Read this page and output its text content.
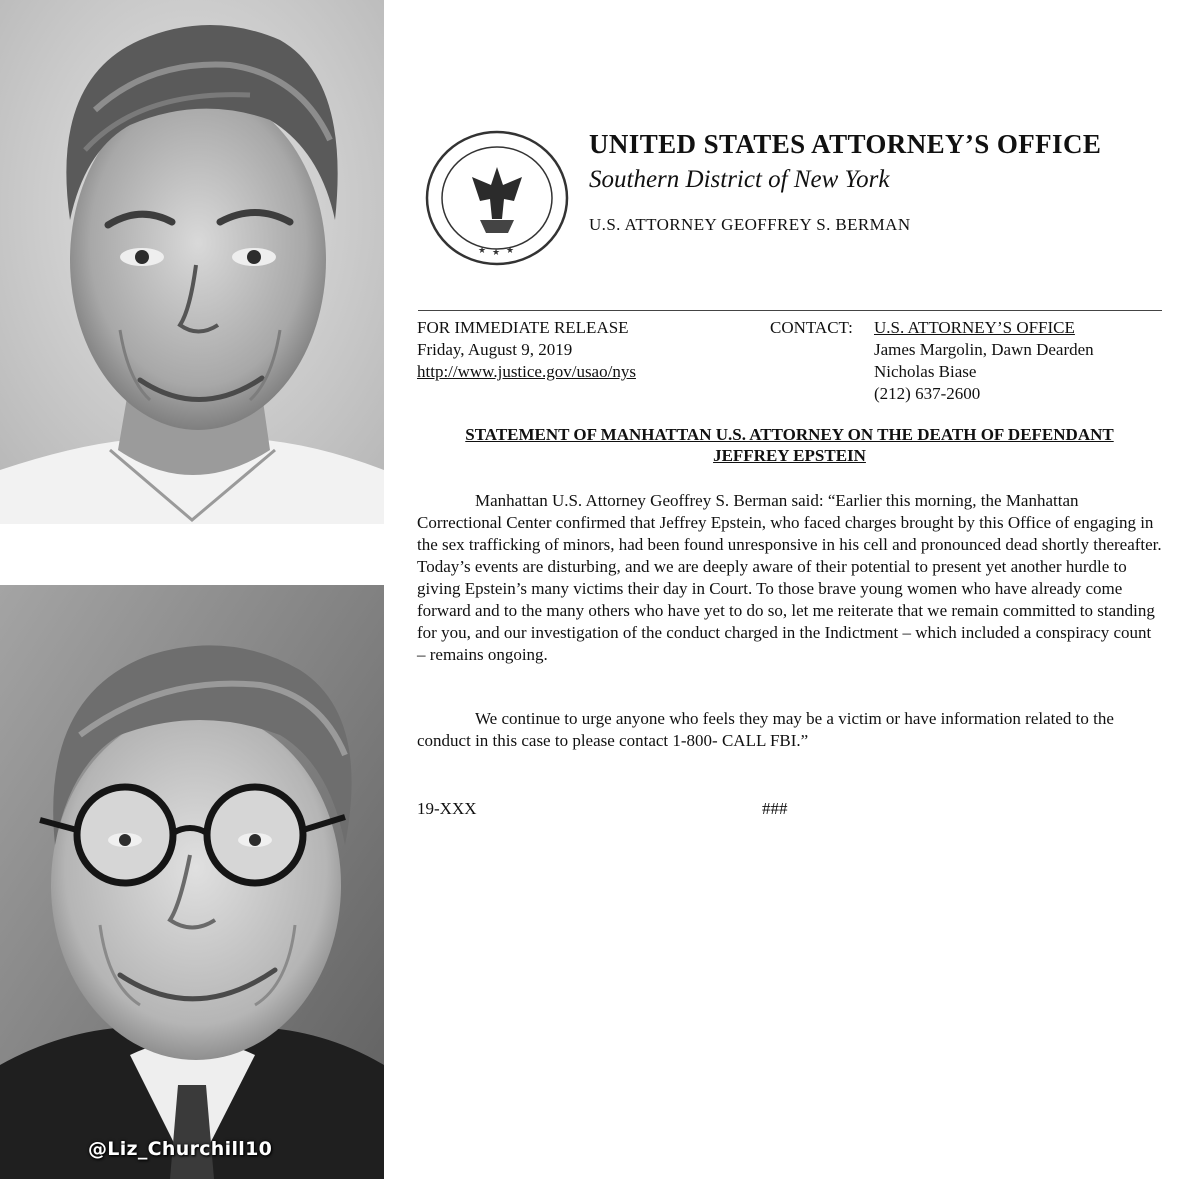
@Liz_Churchill10
★ ★ ★
UNITED STATES ATTORNEY’S OFFICE
Southern District of New York
U.S. ATTORNEY GEOFFREY S. BERMAN
FOR IMMEDIATE RELEASE
Friday, August 9, 2019
http://www.justice.gov/usao/nys
CONTACT: U.S. ATTORNEY’S OFFICE
James Margolin, Dawn Dearden
Nicholas Biase
(212) 637-2600
STATEMENT OF MANHATTAN U.S. ATTORNEY ON THE DEATH OF DEFENDANT
JEFFREY EPSTEIN
Manhattan U.S. Attorney Geoffrey S. Berman said: “Earlier this morning, the Manhattan Correctional Center confirmed that Jeffrey Epstein, who faced charges brought by this Office of engaging in the sex trafficking of minors, had been found unresponsive in his cell and pronounced dead shortly thereafter. Today’s events are disturbing, and we are deeply aware of their potential to present yet another hurdle to giving Epstein’s many victims their day in Court. To those brave young women who have already come forward and to the many others who have yet to do so, let me reiterate that we remain committed to standing for you, and our investigation of the conduct charged in the Indictment – which included a conspiracy count – remains ongoing.
We continue to urge anyone who feels they may be a victim or have information related to the conduct in this case to please contact 1-800- CALL FBI.”
19-XXX	###
